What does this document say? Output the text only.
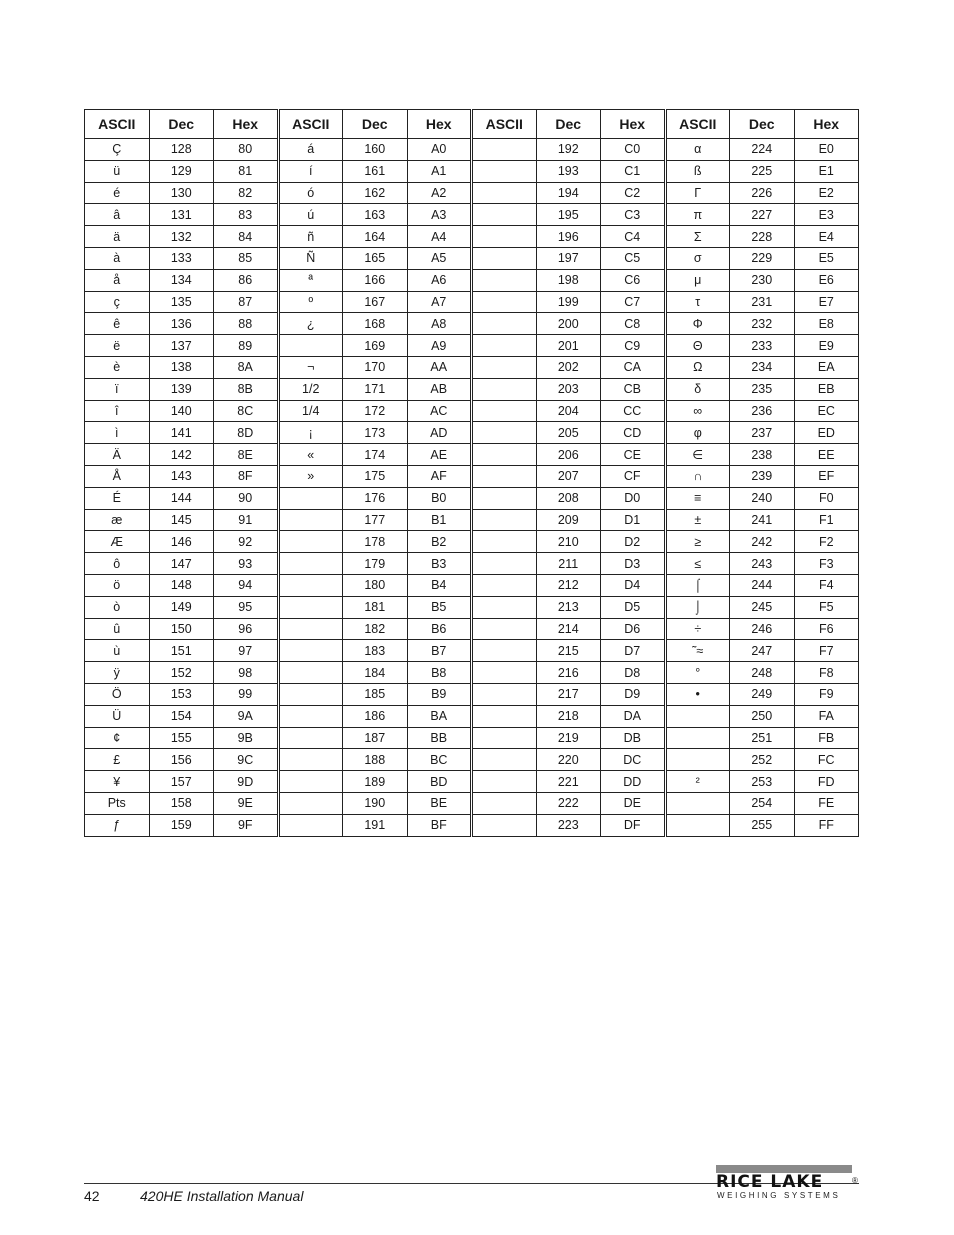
ASCII	Dec	Hex	ASCII	Dec	Hex	ASCII	Dec	Hex	ASCII	Dec	Hex
Ç	128	80	á	160	A0		192	C0	α	224	E0
ü	129	81	í	161	A1		193	C1	ß	225	E1
é	130	82	ó	162	A2		194	C2	Γ	226	E2
â	131	83	ú	163	A3		195	C3	π	227	E3
ä	132	84	ñ	164	A4		196	C4	Σ	228	E4
à	133	85	Ñ	165	A5		197	C5	σ	229	E5
å	134	86	ª	166	A6		198	C6	μ	230	E6
ç	135	87	º	167	A7		199	C7	τ	231	E7
ê	136	88	¿	168	A8		200	C8	Φ	232	E8
ë	137	89		169	A9		201	C9	Θ	233	E9
è	138	8A	¬	170	AA		202	CA	Ω	234	EA
ï	139	8B	1/2	171	AB		203	CB	δ	235	EB
î	140	8C	1/4	172	AC		204	CC	∞	236	EC
ì	141	8D	¡	173	AD		205	CD	φ	237	ED
Ä	142	8E	«	174	AE		206	CE	∈	238	EE
Å	143	8F	»	175	AF		207	CF	∩	239	EF
É	144	90		176	B0		208	D0	≡	240	F0
æ	145	91		177	B1		209	D1	±	241	F1
Æ	146	92		178	B2		210	D2	≥	242	F2
ô	147	93		179	B3		211	D3	≤	243	F3
ö	148	94		180	B4		212	D4	⌠	244	F4
ò	149	95		181	B5		213	D5	⌡	245	F5
û	150	96		182	B6		214	D6	÷	246	F6
ù	151	97		183	B7		215	D7	˜≈	247	F7
ÿ	152	98		184	B8		216	D8	°	248	F8
Ö	153	99		185	B9		217	D9	•	249	F9
Ü	154	9A		186	BA		218	DA		250	FA
¢	155	9B		187	BB		219	DB		251	FB
£	156	9C		188	BC		220	DC		252	FC
¥	157	9D		189	BD		221	DD	²	253	FD
Pts	158	9E		190	BE		222	DE		254	FE
ƒ	159	9F		191	BF		223	DF		255	FF
42	420HE Installation Manual
RICE LAKE	®
WEIGHING SYSTEMS
